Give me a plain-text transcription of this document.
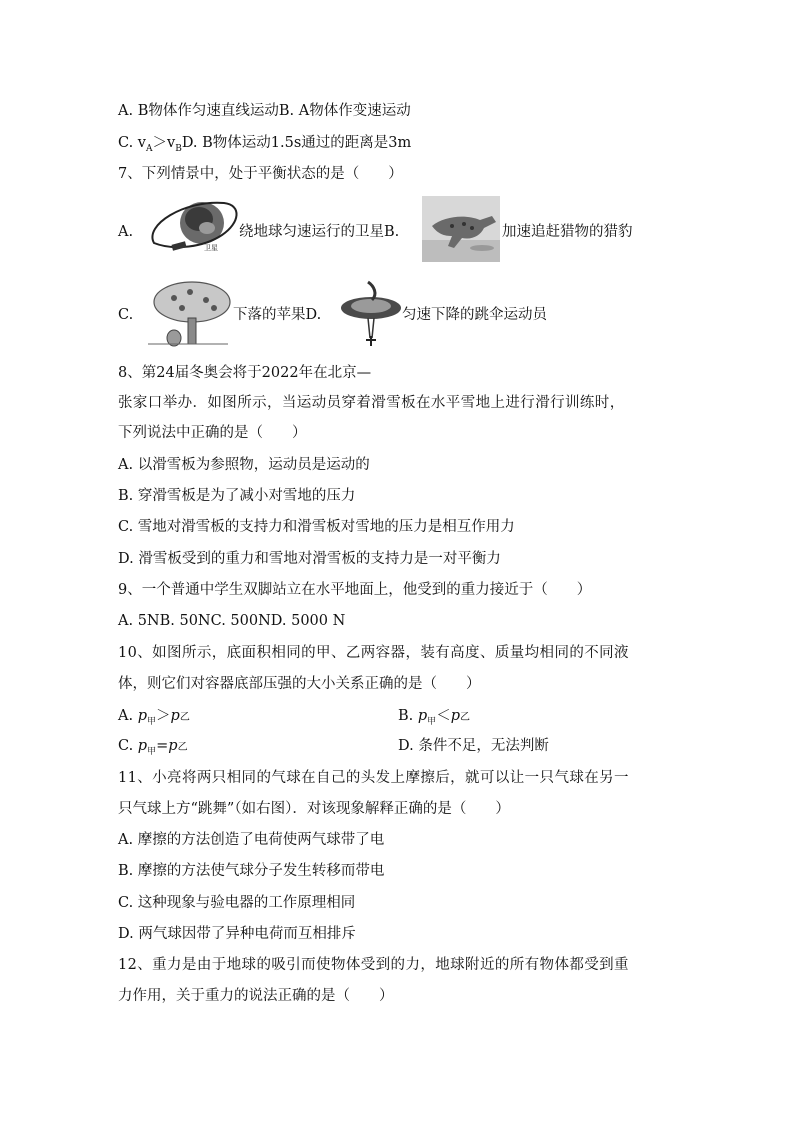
A. B物体作匀速直线运动B. A物体作变速运动
C. $v_A>v_BD$. B物体运动1.5s通过的距离是3m
7、下列情景中，处于平衡状态的是（　　）
A.
卫星
绕地球匀速运行的卫星B.	加速追赶猎物的猎豹
C.	下落的苹果D.	匀速下降的跳伞运动员
8、第24届冬奥会将于2022年在北京—
张家口举办．如图所示，当运动员穿着滑雪板在水平雪地上进行滑行训练时，
下列说法中正确的是（　　）
A. 以滑雪板为参照物，运动员是运动的
B. 穿滑雪板是为了减小对雪地的压力
C. 雪地对滑雪板的支持力和滑雪板对雪地的压力是相互作用力
D. 滑雪板受到的重力和雪地对滑雪板的支持力是一对平衡力
9、一个普通中学生双脚站立在水平地面上，他受到的重力接近于（　　）
A. 5NB. 50NC. 500ND. 5000 N
10、如图所示，底面积相同的甲、乙两容器，装有高度、质量均相同的不同液
体，则它们对容器底部压强的大小关系正确的是（　　）
A. $p_甲>p$乙	B. $p_甲<p$乙
C. $p_甲=p$乙	D. 条件不足，无法判断
11、小亮将两只相同的气球在自己的头发上摩擦后，就可以让一只气球在另一
只气球上方“跳舞”（如右图）．对该现象解释正确的是（　　）
A. 摩擦的方法创造了电荷使两气球带了电
B. 摩擦的方法使气球分子发生转移而带电
C. 这种现象与验电器的工作原理相同
D. 两气球因带了异种电荷而互相排斥
12、重力是由于地球的吸引而使物体受到的力，地球附近的所有物体都受到重
力作用，关于重力的说法正确的是（　　）
